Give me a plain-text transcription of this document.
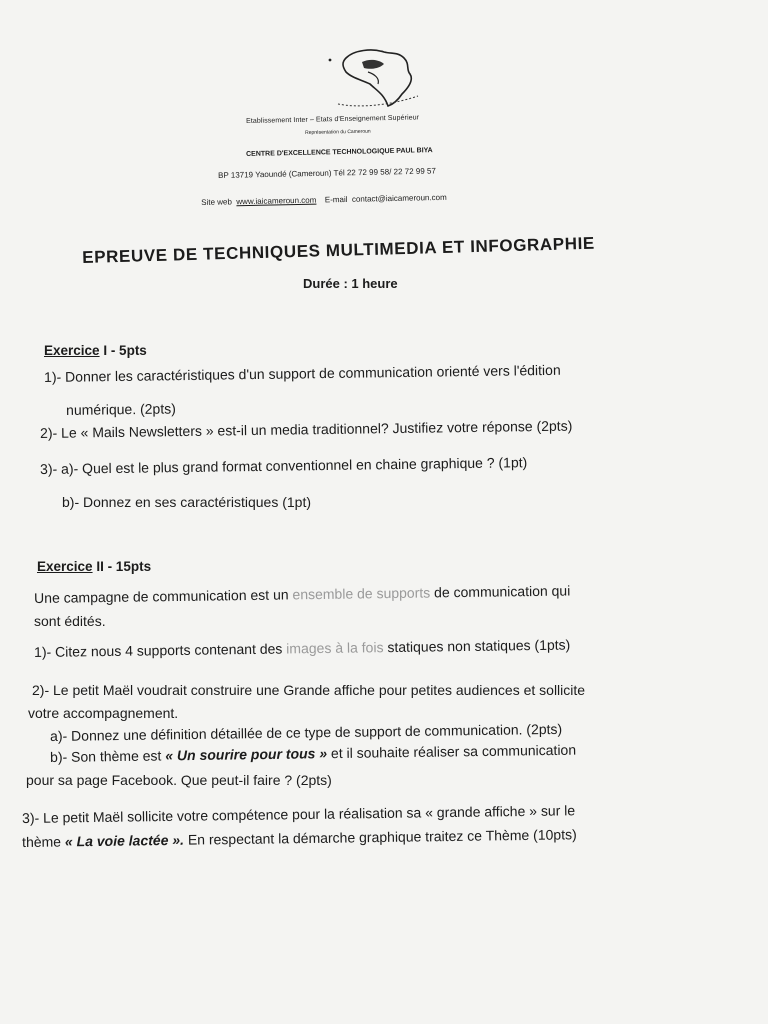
Etablissement Inter – Etats d'Enseignement Supérieur
Représentation du Cameroun
CENTRE D'EXCELLENCE TECHNOLOGIQUE PAUL BIYA
BP 13719 Yaoundé (Cameroun) Tél 22 72 99 58/ 22 72 99 57
Site web www.iaicameroun.com E-mail contact@iaicameroun.com
EPREUVE DE TECHNIQUES MULTIMEDIA ET INFOGRAPHIE
Durée : 1 heure
Exercice I - 5pts
1)- Donner les caractéristiques d'un support de communication orienté vers l'édition
numérique. (2pts)
2)- Le « Mails Newsletters » est-il un media traditionnel? Justifiez votre réponse (2pts)
3)- a)- Quel est le plus grand format conventionnel en chaine graphique ? (1pt)
b)- Donnez en ses caractéristiques (1pt)
Exercice II - 15pts
Une campagne de communication est un ensemble de supports de communication qui
sont édités.
1)- Citez nous 4 supports contenant des images à la fois statiques non statiques (1pts)
2)- Le petit Maël voudrait construire une Grande affiche pour petites audiences et sollicite
votre accompagnement.
a)- Donnez une définition détaillée de ce type de support de communication. (2pts)
b)- Son thème est « Un sourire pour tous » et il souhaite réaliser sa communication
pour sa page Facebook. Que peut-il faire ? (2pts)
3)- Le petit Maël sollicite votre compétence pour la réalisation sa « grande affiche » sur le
thème « La voie lactée ». En respectant la démarche graphique traitez ce Thème (10pts)
